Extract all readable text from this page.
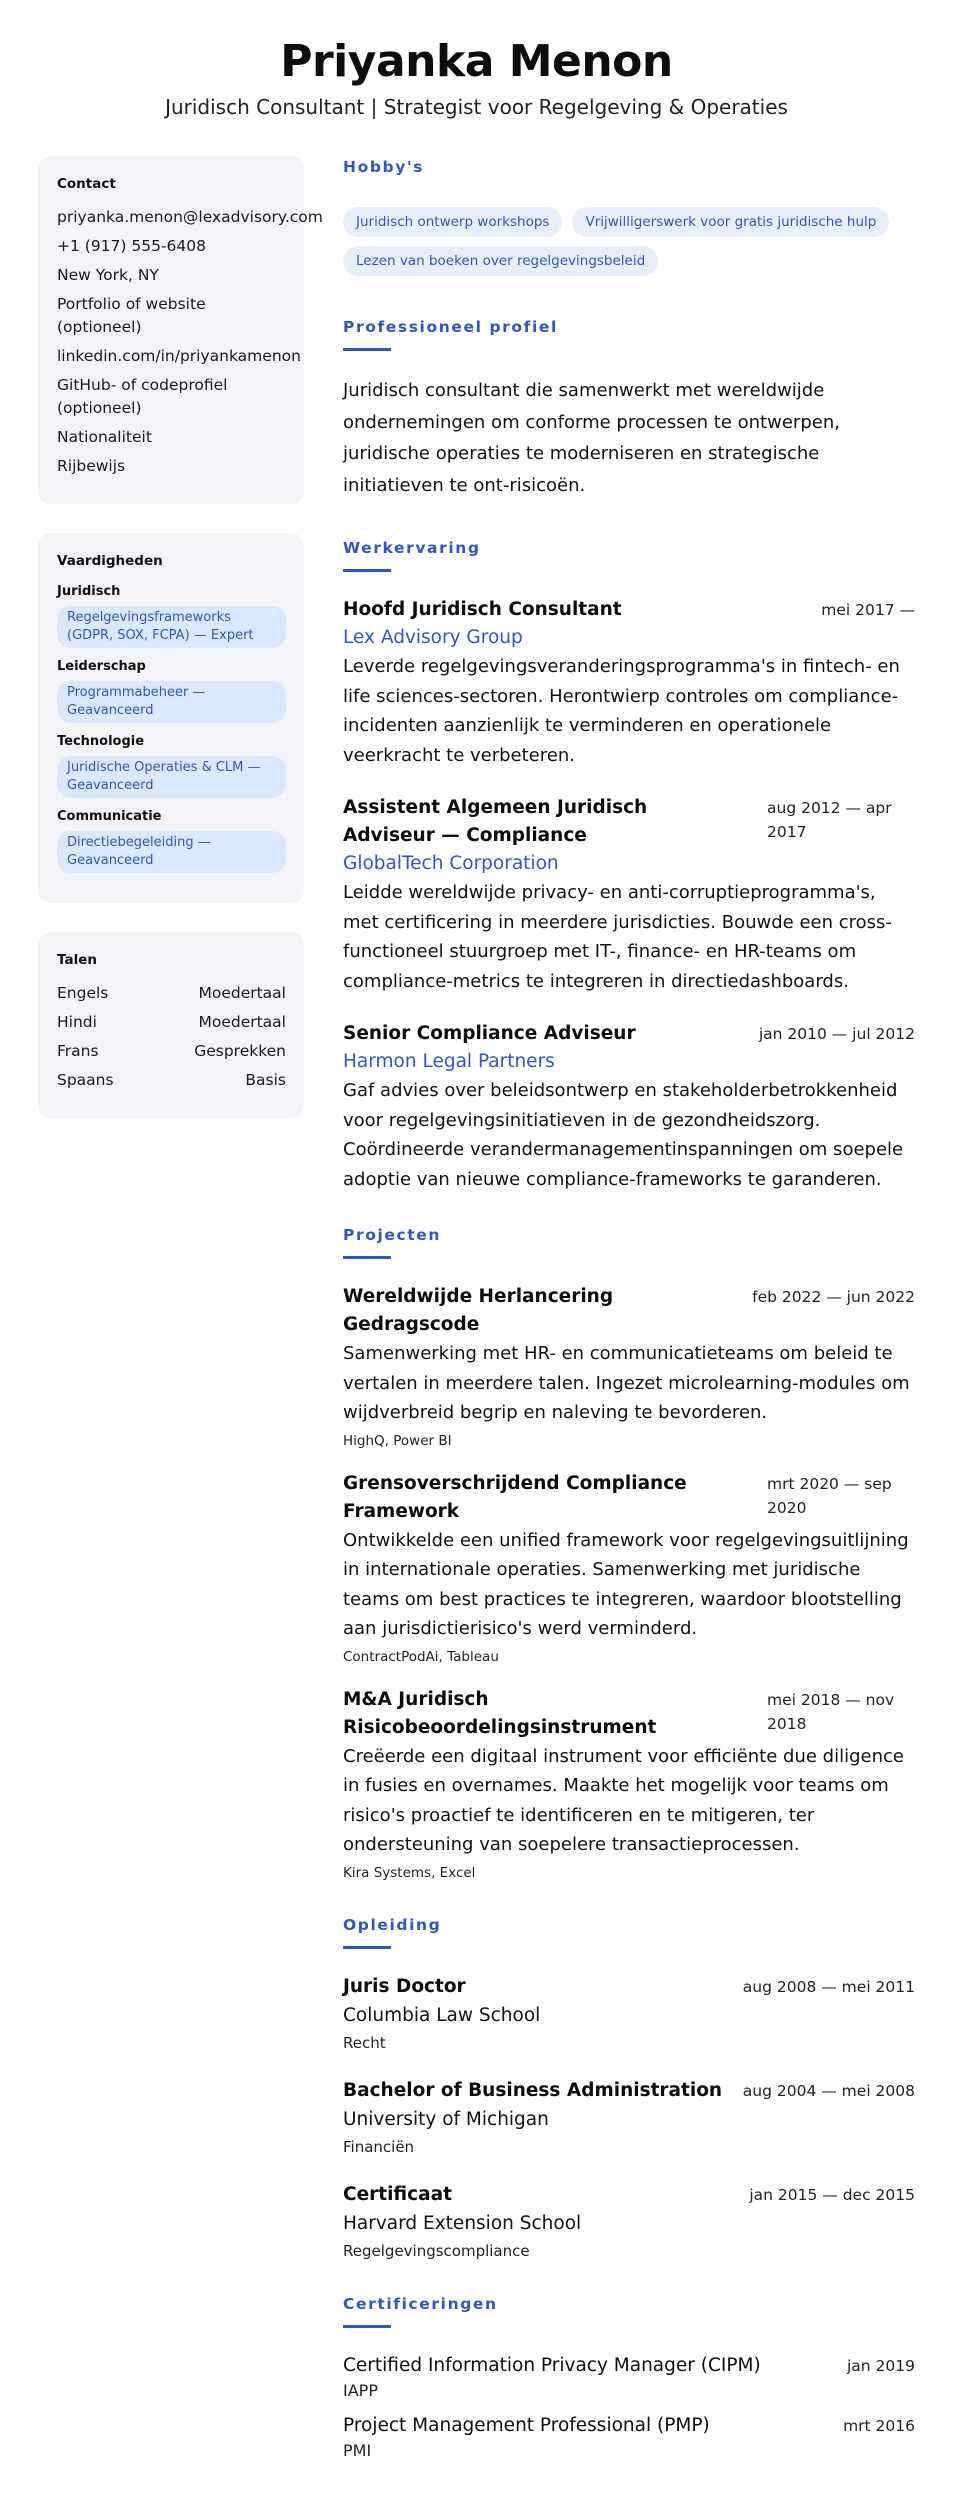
Priyanka Menon
Juridisch Consultant | Strategist voor Regelgeving & Operaties
Contact
priyanka.menon@lexadvisory.com
+1 (917) 555-6408
New York, NY
Portfolio of website (optioneel)
linkedin.com/in/priyankamenon
GitHub- of codeprofiel (optioneel)
Nationaliteit
Rijbewijs
Vaardigheden
Juridisch
Regelgevingsframeworks (GDPR, SOX, FCPA) — Expert
Leiderschap
Programmabeheer — Geavanceerd
Technologie
Juridische Operaties & CLM — Geavanceerd
Communicatie
Directiebegeleiding — Geavanceerd
Talen
Engels	Moedertaal
Hindi	Moedertaal
Frans	Gesprekken
Spaans	Basis
Hobby's
Juridisch ontwerp workshops	Vrijwilligerswerk voor gratis juridische hulp
Lezen van boeken over regelgevingsbeleid
Professioneel profiel
Juridisch consultant die samenwerkt met wereldwijde ondernemingen om conforme processen te ontwerpen, juridische operaties te moderniseren en strategische initiatieven te ont-risicoën.
Werkervaring
Hoofd Juridisch Consultant	mei 2017 —
Lex Advisory Group
Leverde regelgevingsveranderingsprogramma's in fintech- en life sciences-sectoren. Herontwierp controles om compliance-incidenten aanzienlijk te verminderen en operationele veerkracht te verbeteren.
Assistent Algemeen Juridisch Adviseur — Compliance
aug 2012 — apr 2017
GlobalTech Corporation
Leidde wereldwijde privacy- en anti-corruptieprogramma's, met certificering in meerdere jurisdicties. Bouwde een cross-functioneel stuurgroep met IT-, finance- en HR-teams om compliance-metrics te integreren in directiedashboards.
Senior Compliance Adviseur	jan 2010 — jul 2012
Harmon Legal Partners
Gaf advies over beleidsontwerp en stakeholderbetrokkenheid voor regelgevingsinitiatieven in de gezondheidszorg. Coördineerde verandermanagementinspanningen om soepele adoptie van nieuwe compliance-frameworks te garanderen.
Projecten
Wereldwijde Herlancering Gedragscode
feb 2022 — jun 2022
Samenwerking met HR- en communicatieteams om beleid te vertalen in meerdere talen. Ingezet microlearning-modules om wijdverbreid begrip en naleving te bevorderen.
HighQ, Power BI
Grensoverschrijdend Compliance Framework
mrt 2020 — sep 2020
Ontwikkelde een unified framework voor regelgevingsuitlijning in internationale operaties. Samenwerking met juridische teams om best practices te integreren, waardoor blootstelling aan jurisdictierisico's werd verminderd.
ContractPodAi, Tableau
M&A Juridisch Risicobeoordelingsinstrument
mei 2018 — nov 2018
Creëerde een digitaal instrument voor efficiënte due diligence in fusies en overnames. Maakte het mogelijk voor teams om risico's proactief te identificeren en te mitigeren, ter ondersteuning van soepelere transactieprocessen.
Kira Systems, Excel
Opleiding
Juris Doctor	aug 2008 — mei 2011
Columbia Law School
Recht
Bachelor of Business Administration aug 2004 — mei 2008
University of Michigan
Financiën
Certificaat	jan 2015 — dec 2015
Harvard Extension School
Regelgevingscompliance
Certificeringen
Certified Information Privacy Manager (CIPM)	jan 2019
IAPP
Project Management Professional (PMP)	mrt 2016
PMI
